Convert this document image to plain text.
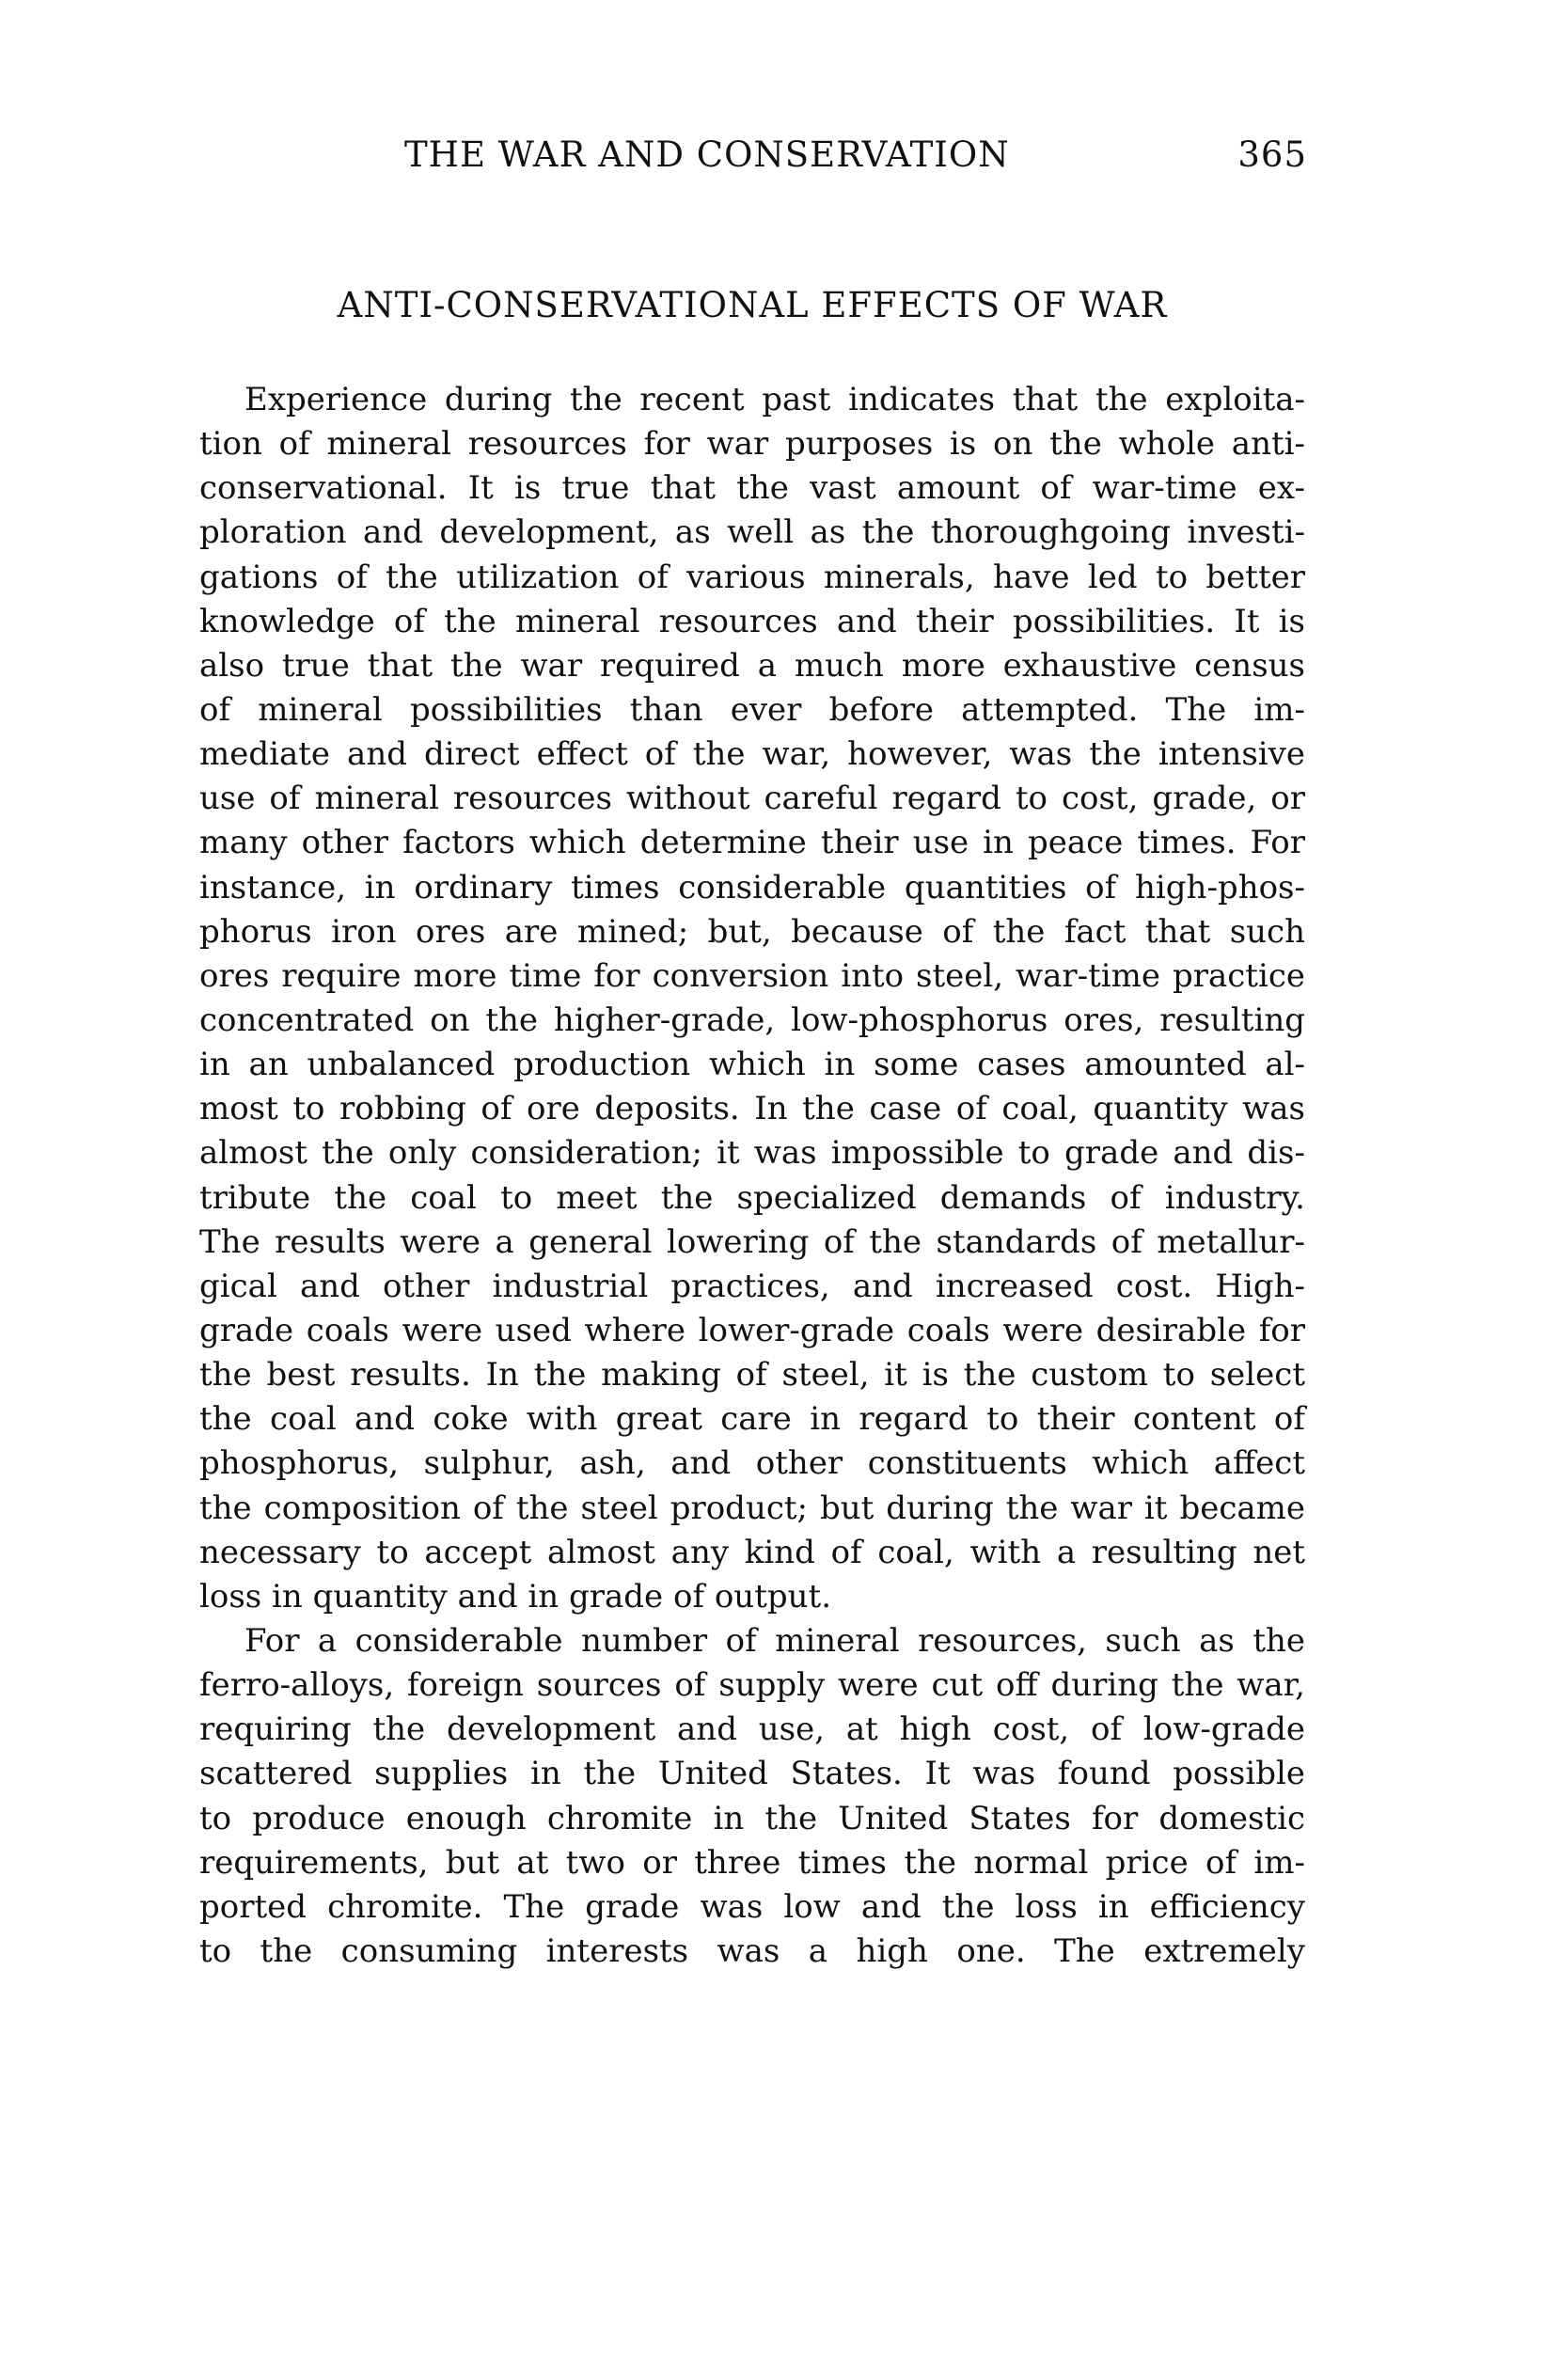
THE WAR AND CONSERVATION	365
ANTI-CONSERVATIONAL EFFECTS OF WAR
Experience during the recent past indicates that the exploita-
tion of mineral resources for war purposes is on the whole anti-
conservational. It is true that the vast amount of war-time ex-
ploration and development, as well as the thoroughgoing investi-
gations of the utilization of various minerals, have led to better
knowledge of the mineral resources and their possibilities. It is
also true that the war required a much more exhaustive census
of mineral possibilities than ever before attempted. The im-
mediate and direct effect of the war, however, was the intensive
use of mineral resources without careful regard to cost, grade, or
many other factors which determine their use in peace times. For
instance, in ordinary times considerable quantities of high-phos-
phorus iron ores are mined; but, because of the fact that such
ores require more time for conversion into steel, war-time practice
concentrated on the higher-grade, low-phosphorus ores, resulting
in an unbalanced production which in some cases amounted al-
most to robbing of ore deposits. In the case of coal, quantity was
almost the only consideration; it was impossible to grade and dis-
tribute the coal to meet the specialized demands of industry.
The results were a general lowering of the standards of metallur-
gical and other industrial practices, and increased cost. High-
grade coals were used where lower-grade coals were desirable for
the best results. In the making of steel, it is the custom to select
the coal and coke with great care in regard to their content of
phosphorus, sulphur, ash, and other constituents which affect
the composition of the steel product; but during the war it became
necessary to accept almost any kind of coal, with a resulting net
loss in quantity and in grade of output.
For a considerable number of mineral resources, such as the
ferro-alloys, foreign sources of supply were cut off during the war,
requiring the development and use, at high cost, of low-grade
scattered supplies in the United States. It was found possible
to produce enough chromite in the United States for domestic
requirements, but at two or three times the normal price of im-
ported chromite. The grade was low and the loss in efficiency
to the consuming interests was a high one. The extremely
